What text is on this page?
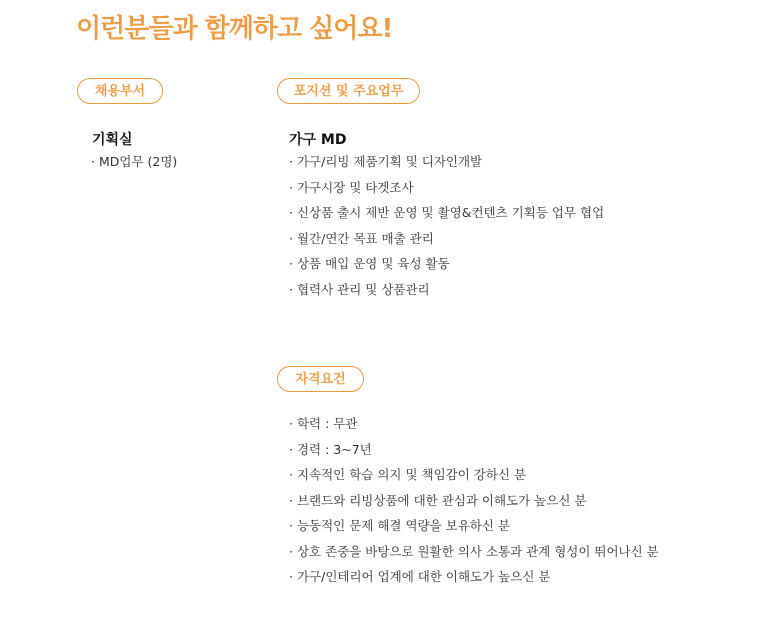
이런분들과 함께하고 싶어요!
채용부서
기획실
· MD업무 (2명)
포지션 및 주요업무
가구 MD
· 가구/리빙 제품기획 및 디자인개발
· 가구시장 및 타겟조사
· 신상품 출시 제반 운영 및 촬영&컨텐츠 기획등 업무 협업
· 월간/연간 목표 매출 관리
· 상품 매입 운영 및 육성 활동
· 협력사 관리 및 상품관리
자격요건
· 학력 : 무관
· 경력 : 3~7년
· 지속적인 학습 의지 및 책임감이 강하신 분
· 브랜드와 리빙상품에 대한 관심과 이해도가 높으신 분
· 능동적인 문제 해결 역량을 보유하신 분
· 상호 존중을 바탕으로 원활한 의사 소통과 관계 형성이 뛰어나신 분
· 가구/인테리어 업계에 대한 이해도가 높으신 분
